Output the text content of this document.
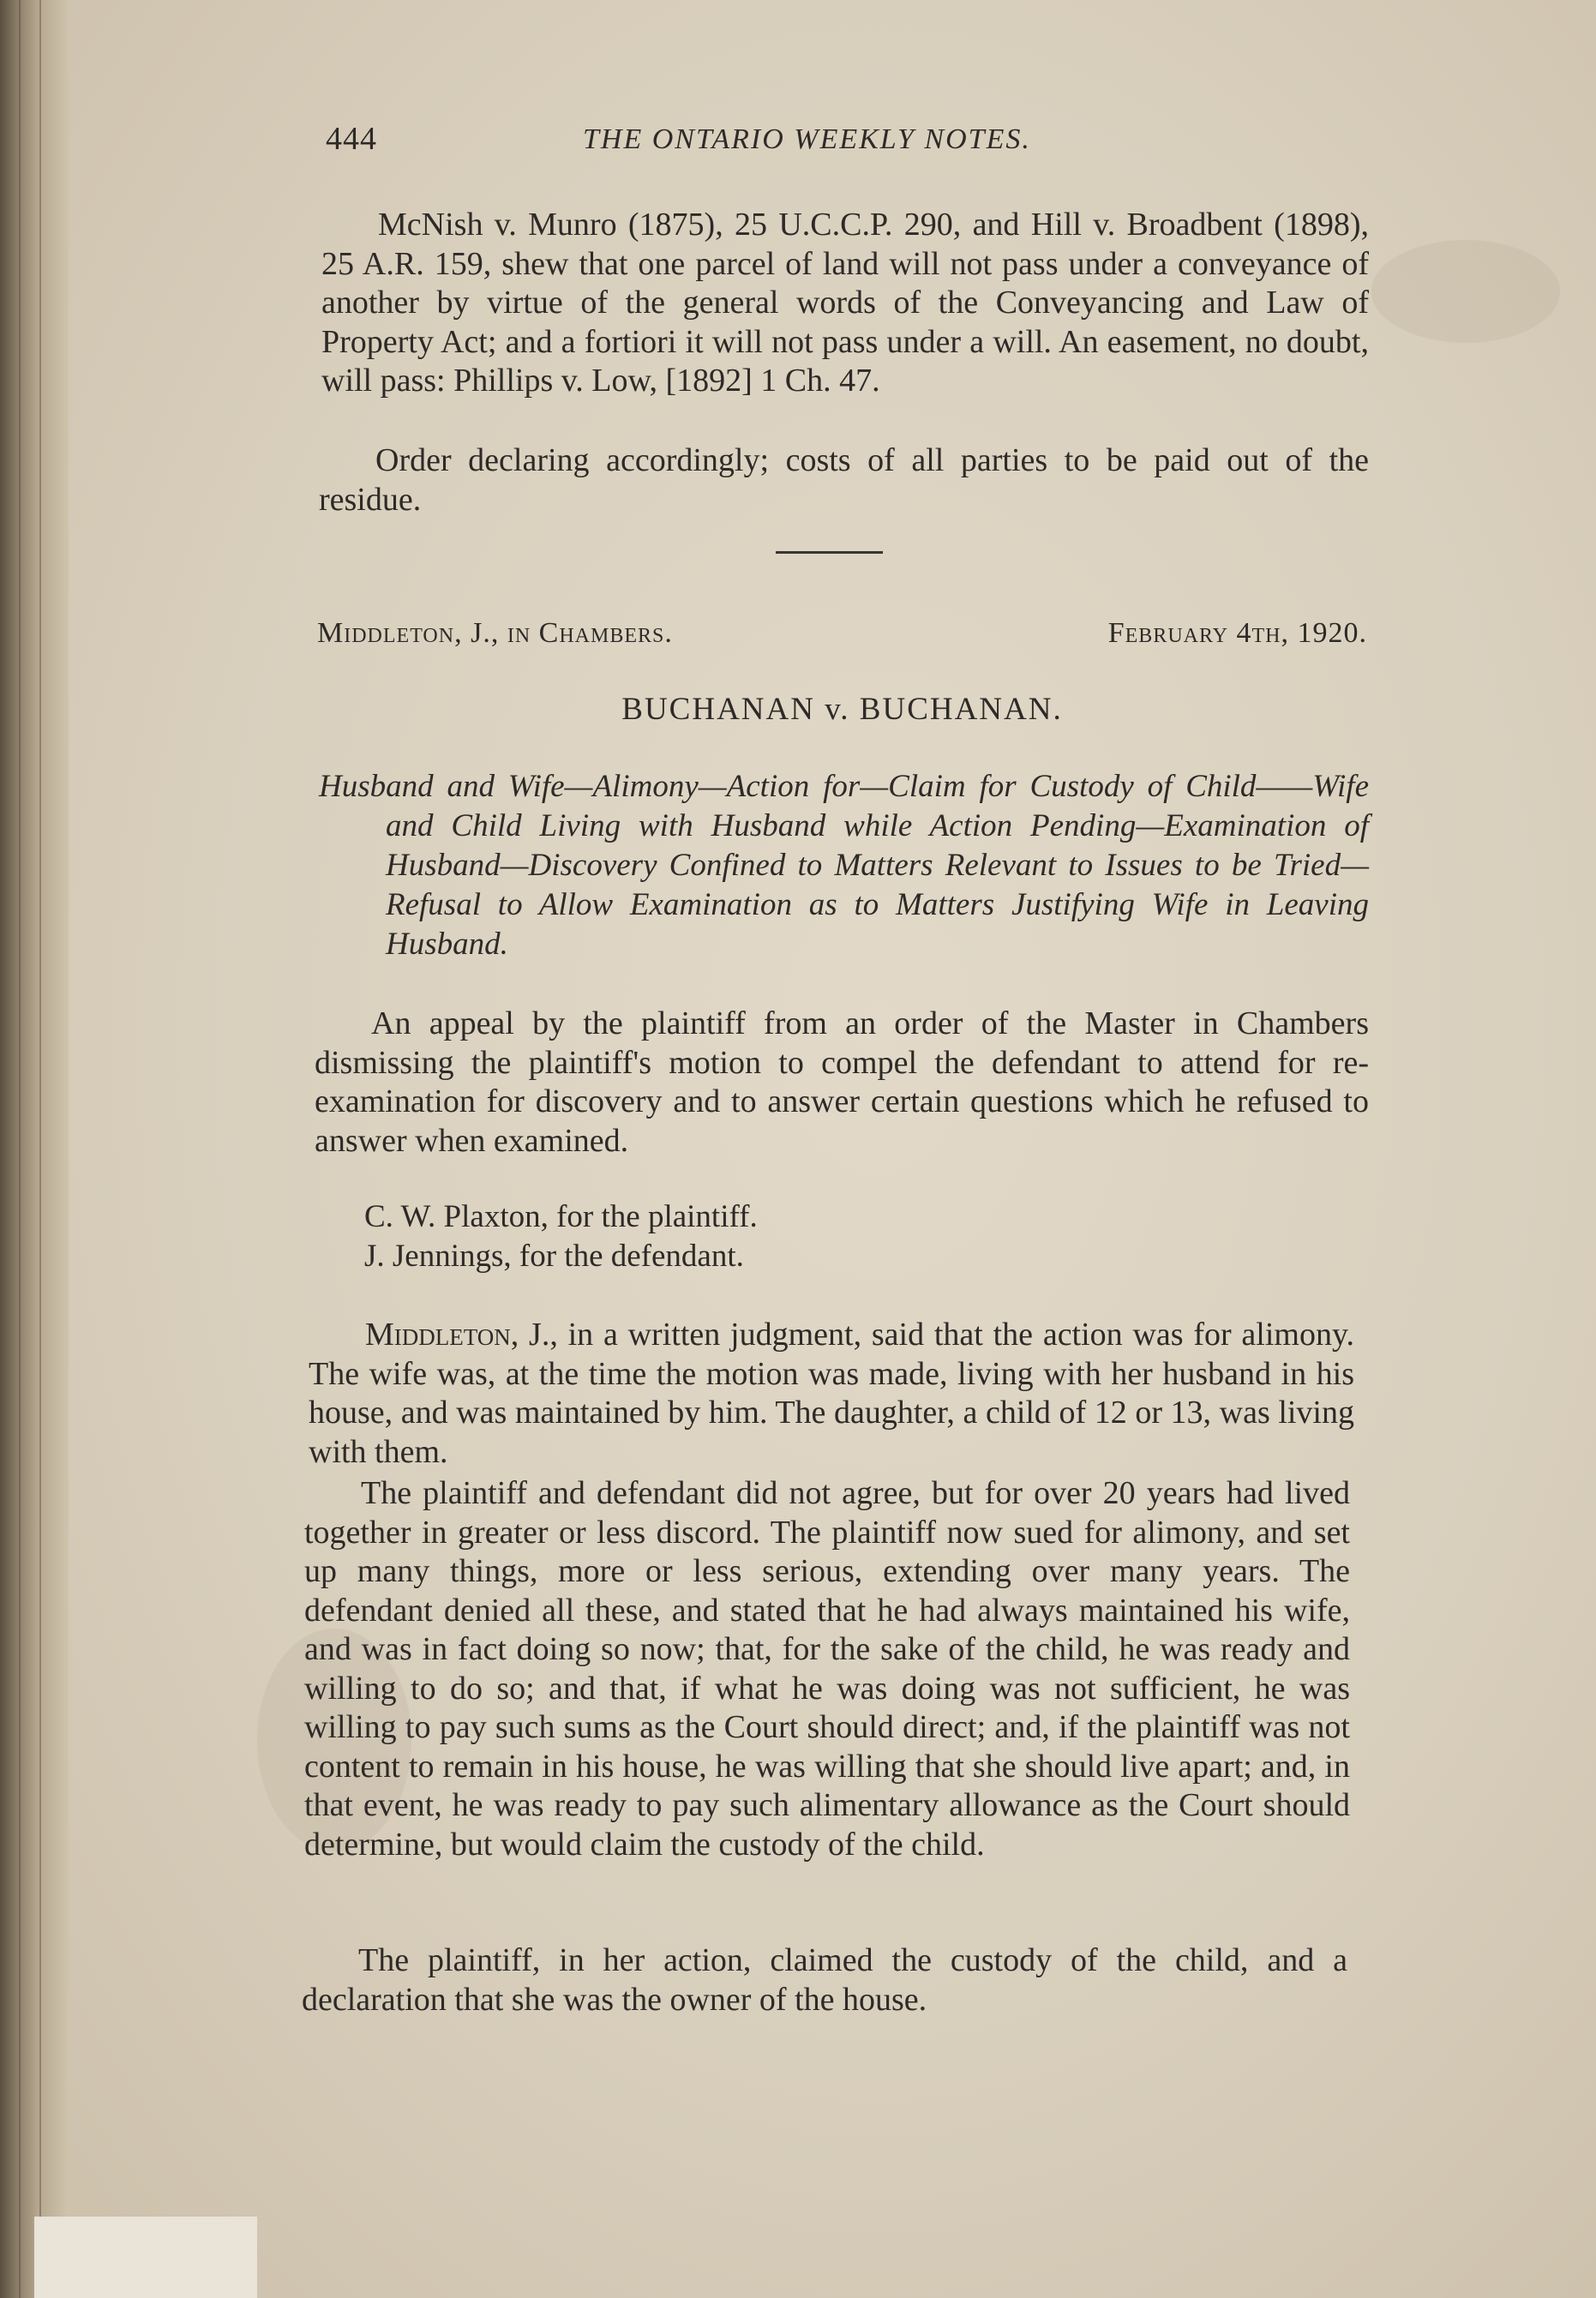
444	THE ONTARIO WEEKLY NOTES.
McNish v. Munro (1875), 25 U.C.C.P. 290, and Hill v. Broadbent (1898), 25 A.R. 159, shew that one parcel of land will not pass under a conveyance of another by virtue of the general words of the Conveyancing and Law of Property Act; and a fortiori it will not pass under a will. An easement, no doubt, will pass: Phillips v. Low, [1892] 1 Ch. 47.
Order declaring accordingly; costs of all parties to be paid out of the residue.
Middleton, J., in Chambers.	February 4th, 1920.
BUCHANAN v. BUCHANAN.
Husband and Wife—Alimony—Action for—Claim for Custody of Child——Wife and Child Living with Husband while Action Pending—Examination of Husband—Discovery Confined to Matters Relevant to Issues to be Tried—Refusal to Allow Examination as to Matters Justifying Wife in Leaving Husband.
An appeal by the plaintiff from an order of the Master in Chambers dismissing the plaintiff's motion to compel the defendant to attend for re-examination for discovery and to answer certain questions which he refused to answer when examined.
C. W. Plaxton, for the plaintiff.
J. Jennings, for the defendant.
Middleton, J., in a written judgment, said that the action was for alimony. The wife was, at the time the motion was made, living with her husband in his house, and was maintained by him. The daughter, a child of 12 or 13, was living with them.
The plaintiff and defendant did not agree, but for over 20 years had lived together in greater or less discord. The plaintiff now sued for alimony, and set up many things, more or less serious, extending over many years. The defendant denied all these, and stated that he had always maintained his wife, and was in fact doing so now; that, for the sake of the child, he was ready and willing to do so; and that, if what he was doing was not sufficient, he was willing to pay such sums as the Court should direct; and, if the plaintiff was not content to remain in his house, he was willing that she should live apart; and, in that event, he was ready to pay such alimentary allowance as the Court should determine, but would claim the custody of the child.
The plaintiff, in her action, claimed the custody of the child, and a declaration that she was the owner of the house.
